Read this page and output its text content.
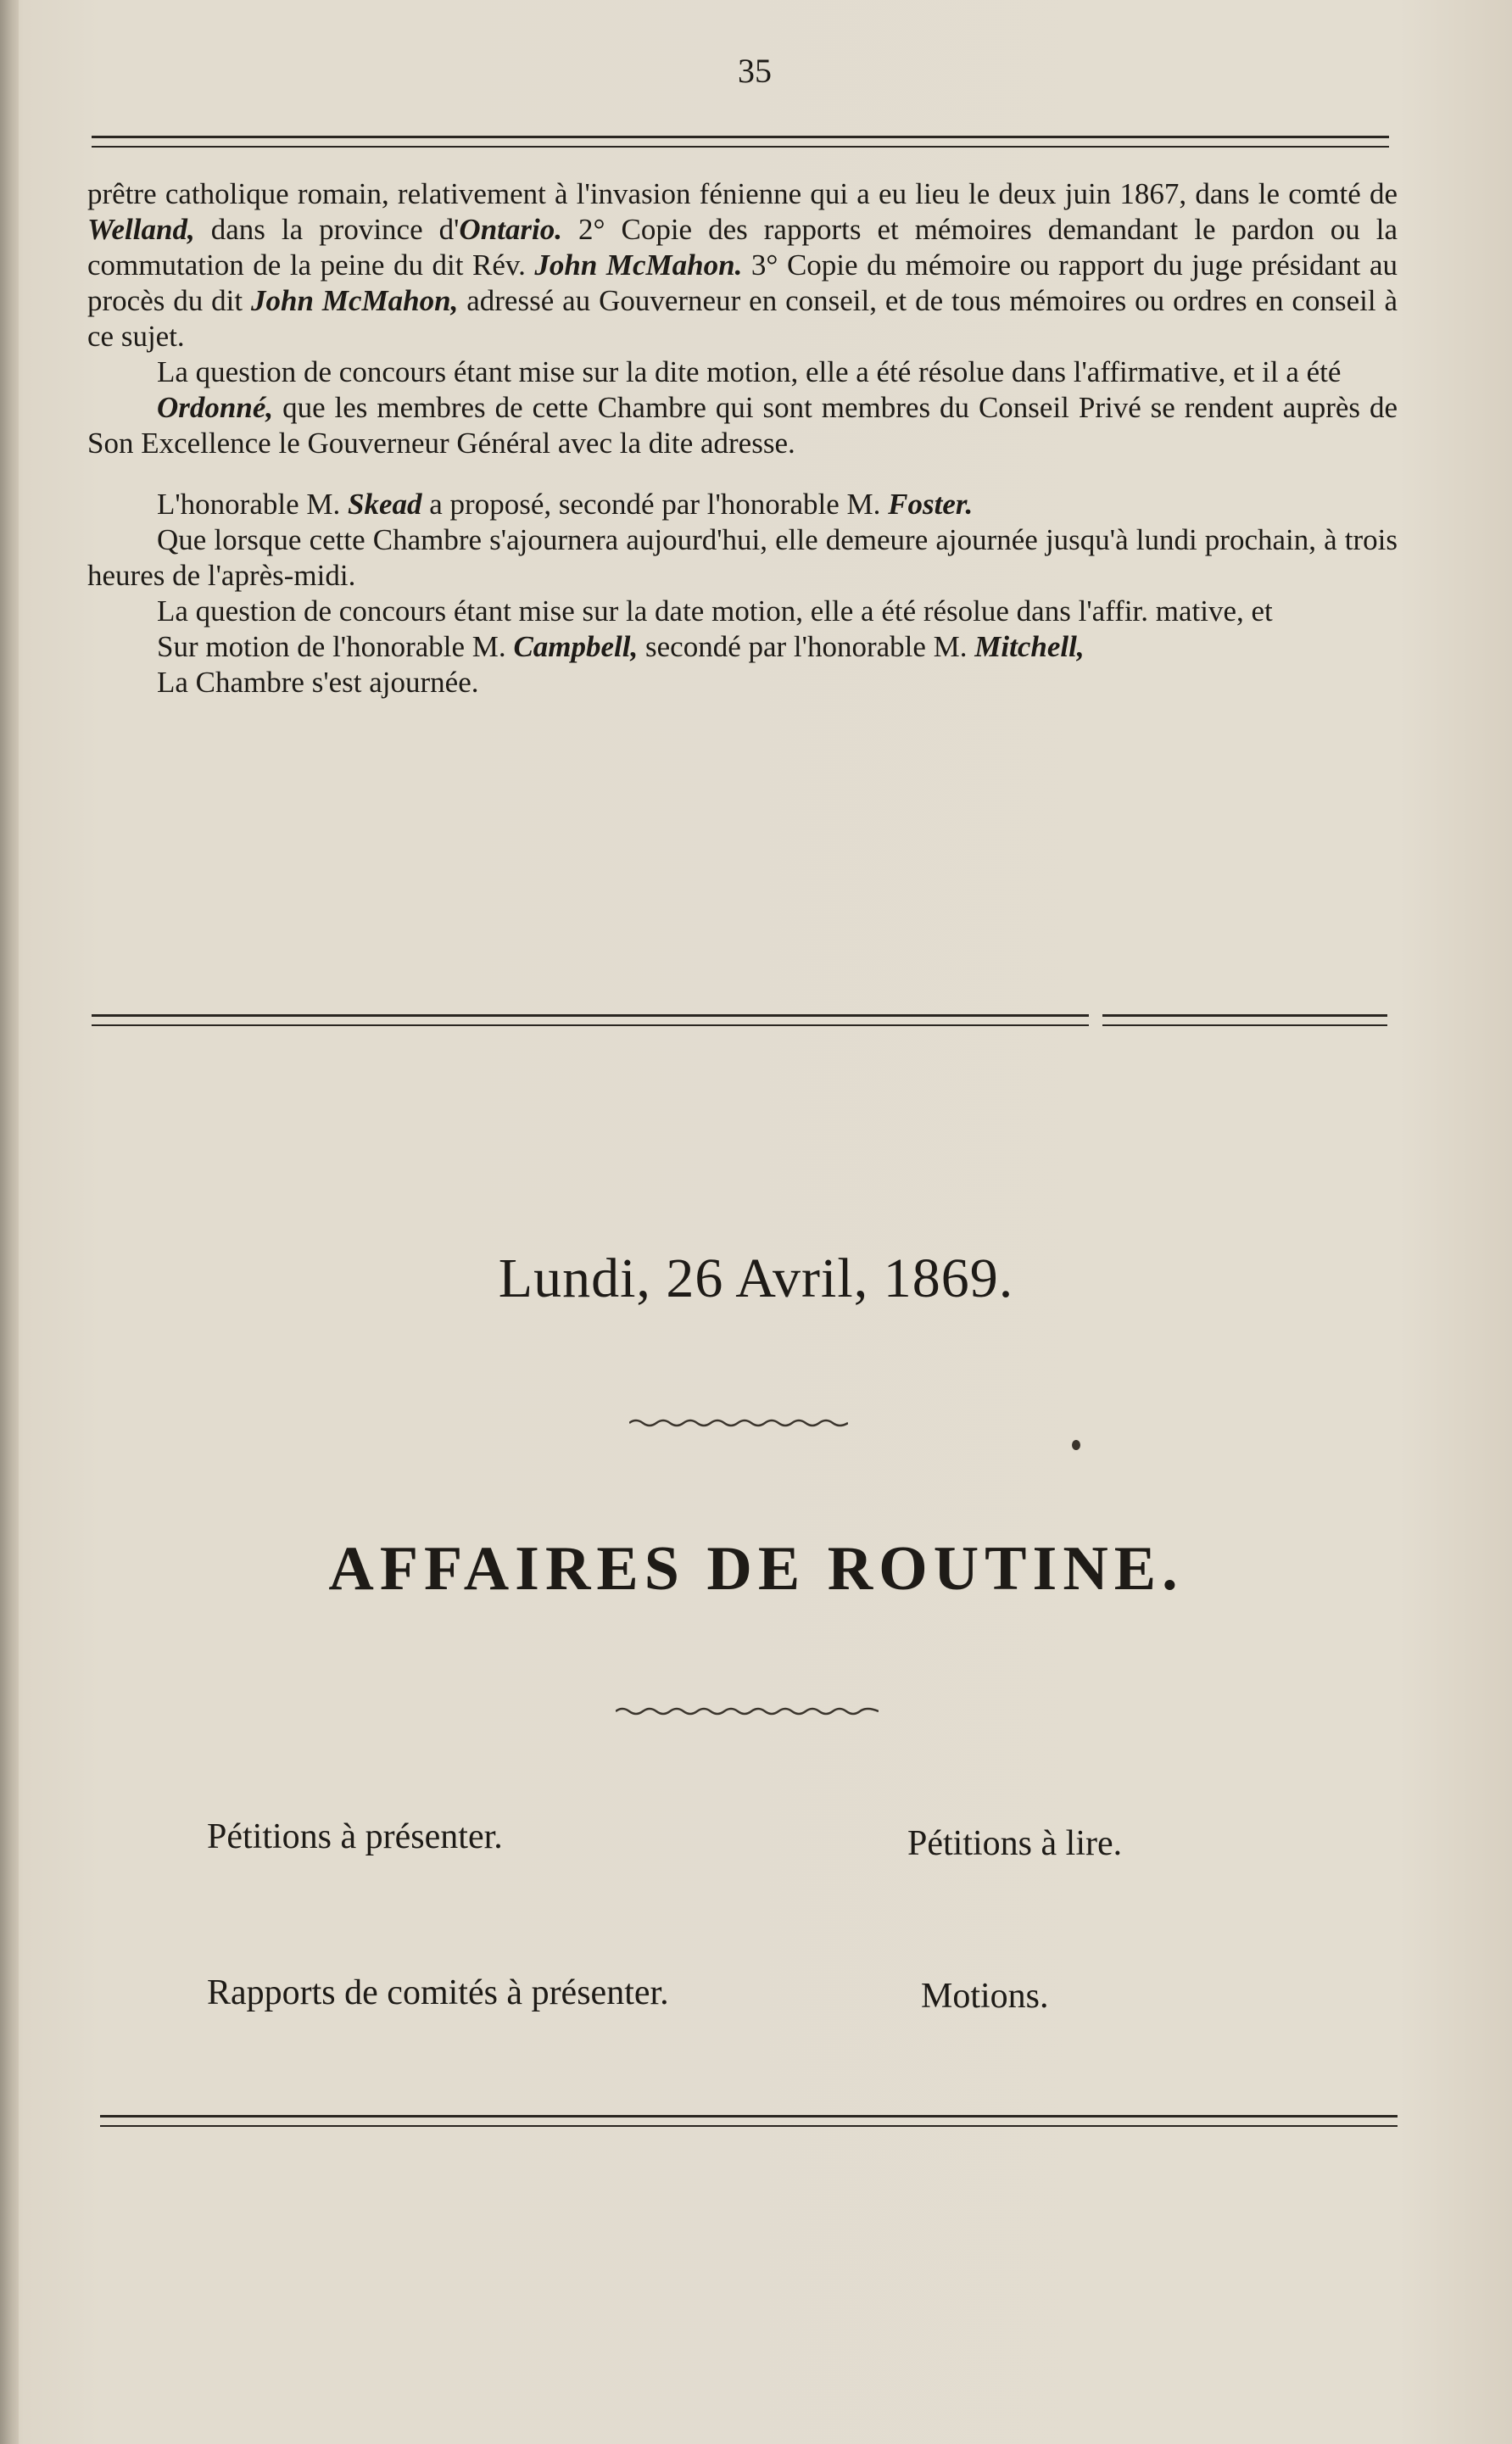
35

prêtre catholique romain, relativement à l'invasion fénienne qui a eu lieu le deux juin 1867, dans le comté de Welland, dans la province d'Ontario. 2° Copie des rapports et mémoires demandant le pardon ou la commutation de la peine du dit Rév. John McMahon. 3° Copie du mémoire ou rapport du juge présidant au procès du dit John McMahon, adressé au Gouverneur en conseil, et de tous mémoires ou ordres en conseil à ce sujet.

La question de concours étant mise sur la dite motion, elle a été résolue dans l'affirmative, et il a été

Ordonné, que les membres de cette Chambre qui sont membres du Conseil Privé se rendent auprès de Son Excellence le Gouverneur Général avec la dite adresse.

L'honorable M. Skead a proposé, secondé par l'honorable M. Foster.

Que lorsque cette Chambre s'ajournera aujourd'hui, elle demeure ajournée jusqu'à lundi prochain, à trois heures de l'après-midi.

La question de concours étant mise sur la date motion, elle a été résolue dans l'affir. mative, et

Sur motion de l'honorable M. Campbell, secondé par l'honorable M. Mitchell,

La Chambre s'est ajournée.

Lundi, 26 Avril, 1869.
AFFAIRES DE ROUTINE.
Pétitions à présenter.	Pétitions à lire.
Rapports de comités à présenter.	Motions.
